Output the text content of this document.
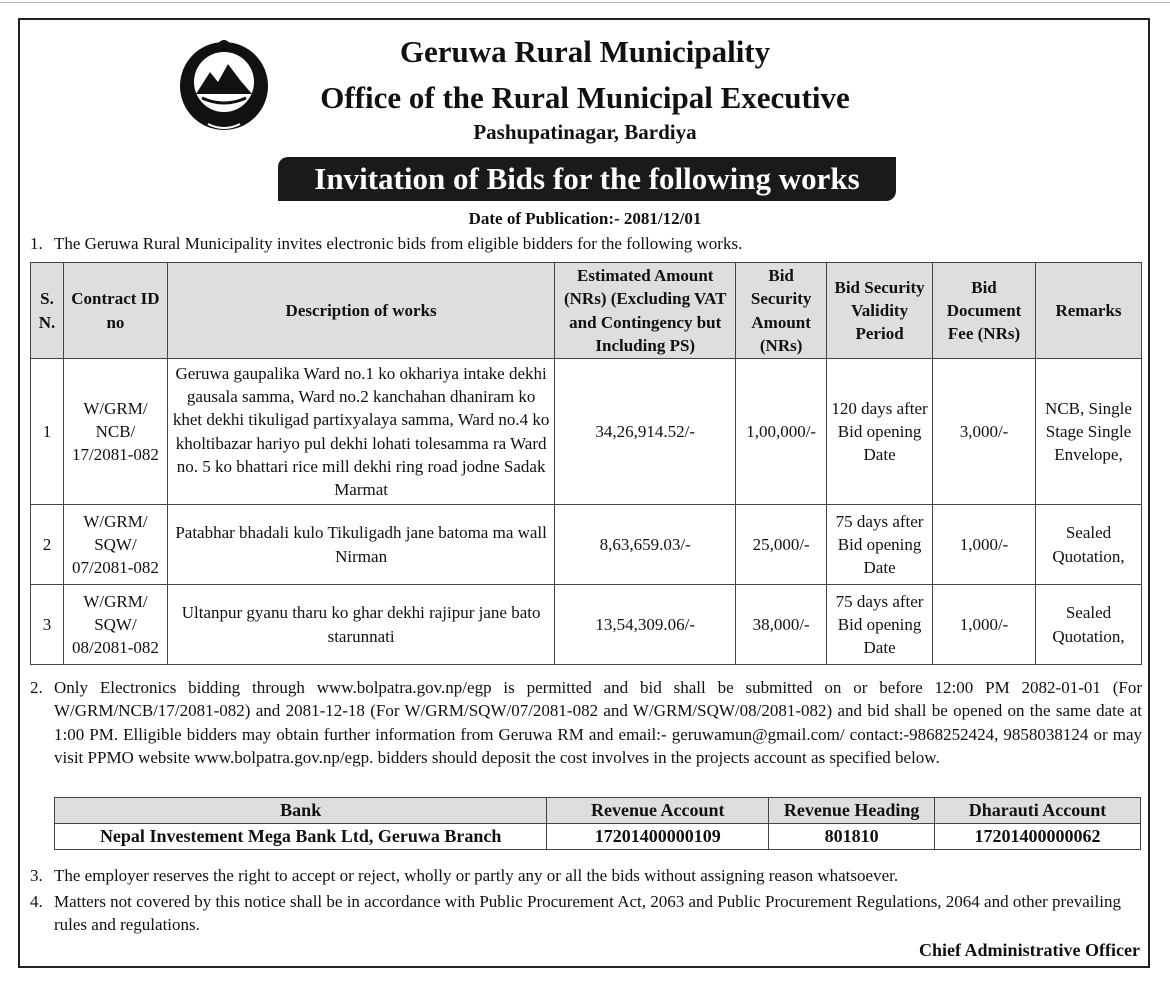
Geruwa Rural Municipality
Office of the Rural Municipal Executive
Pashupatinagar, Bardiya
Invitation of Bids for the following works
Date of Publication:- 2081/12/01
1. The Geruwa Rural Municipality invites electronic bids from eligible bidders for the following works.
S. N.	Contract ID no	Description of works	Estimated Amount (NRs) (Excluding VAT and Contingency but Including PS)	Bid Security Amount (NRs)	Bid Security Validity Period	Bid Document Fee (NRs)	Remarks
1	W/GRM/ NCB/ 17/2081-082	Geruwa gaupalika Ward no.1 ko okhariya intake dekhi gausala samma, Ward no.2 kanchahan dhaniram ko khet dekhi tikuligad partixyalaya samma, Ward no.4 ko kholtibazar hariyo pul dekhi lohati tolesamma ra Ward no. 5 ko bhattari rice mill dekhi ring road jodne Sadak Marmat	34,26,914.52/-	1,00,000/-	120 days after Bid opening Date	3,000/-	NCB, Single Stage Single Envelope,
2	W/GRM/ SQW/ 07/2081-082	Patabhar bhadali kulo Tikuligadh jane batoma ma wall Nirman	8,63,659.03/-	25,000/-	75 days after Bid opening Date	1,000/-	Sealed Quotation,
3	W/GRM/ SQW/ 08/2081-082	Ultanpur gyanu tharu ko ghar dekhi rajipur jane bato starunnati	13,54,309.06/-	38,000/-	75 days after Bid opening Date	1,000/-	Sealed Quotation,
2. Only Electronics bidding through www.bolpatra.gov.np/egp is permitted and bid shall be submitted on or before 12:00 PM 2082-01-01 (For W/GRM/NCB/17/2081-082) and 2081-12-18 (For W/GRM/SQW/07/2081-082 and W/GRM/SQW/08/2081-082) and bid shall be opened on the same date at 1:00 PM. Elligible bidders may obtain further information from Geruwa RM and email:- geruwamun@gmail.com/ contact:-9868252424, 9858038124 or may visit PPMO website www.bolpatra.gov.np/egp. bidders should deposit the cost involves in the projects account as specified below.
Bank	Revenue Account	Revenue Heading	Dharauti Account
Nepal Investement Mega Bank Ltd, Geruwa Branch	17201400000109	801810	17201400000062
3. The employer reserves the right to accept or reject, wholly or partly any or all the bids without assigning reason whatsoever.
4. Matters not covered by this notice shall be in accordance with Public Procurement Act, 2063 and Public Procurement Regulations, 2064 and other prevailing rules and regulations.
Chief Administrative Officer
